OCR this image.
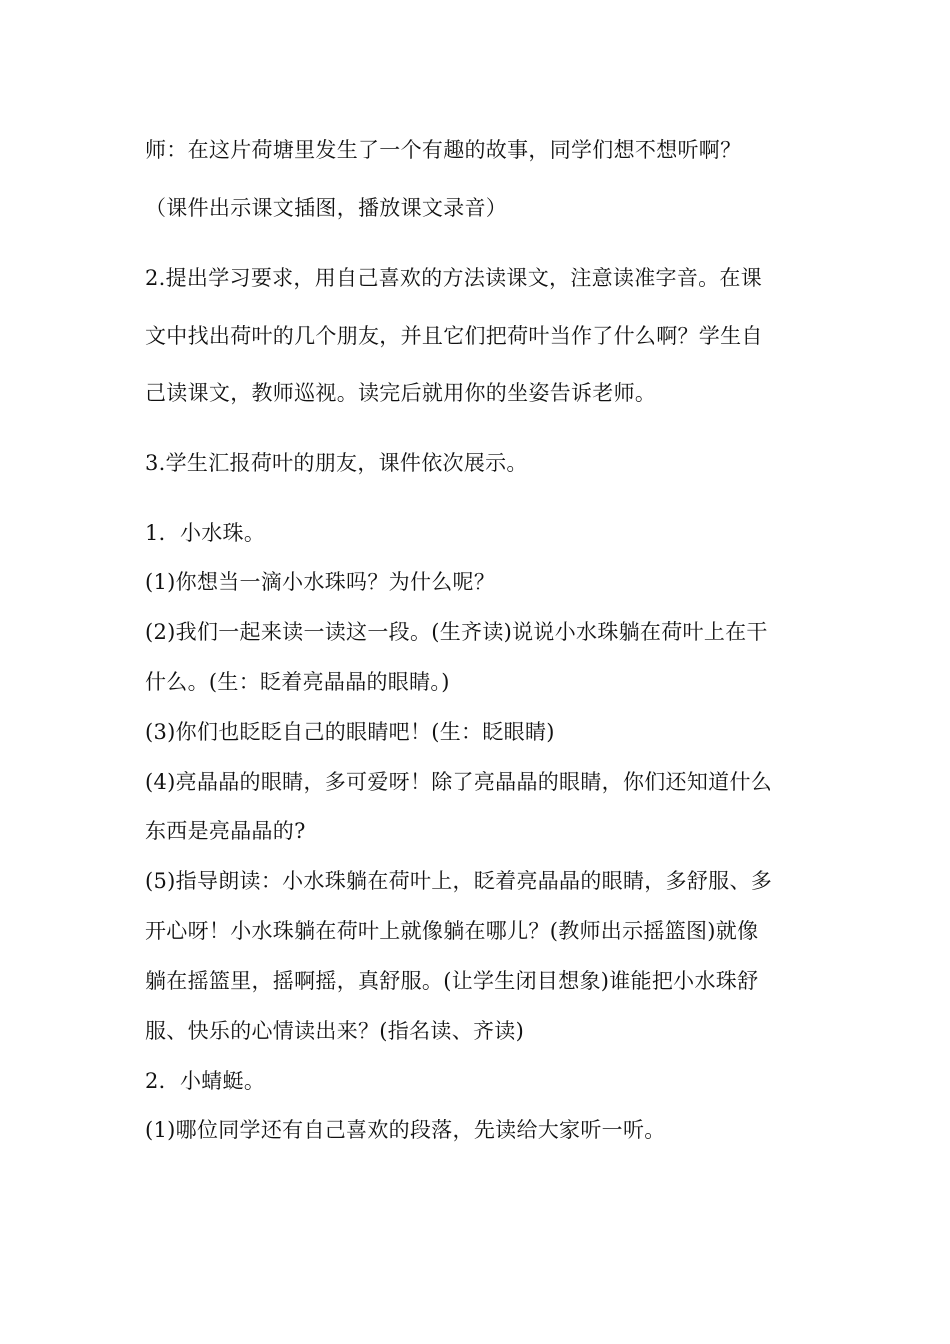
师：在这片荷塘里发生了一个有趣的故事，同学们想不想听啊？
（课件出示课文插图，播放课文录音）
2.提出学习要求，用自己喜欢的方法读课文，注意读准字音。在课
文中找出荷叶的几个朋友，并且它们把荷叶当作了什么啊？学生自
己读课文，教师巡视。读完后就用你的坐姿告诉老师。
3.学生汇报荷叶的朋友，课件依次展示。
1．小水珠。
(1)你想当一滴小水珠吗？为什么呢？
(2)我们一起来读一读这一段。(生齐读)说说小水珠躺在荷叶上在干
什么。(生：眨着亮晶晶的眼睛。)
(3)你们也眨眨自己的眼睛吧！(生：眨眼睛)
(4)亮晶晶的眼睛，多可爱呀！除了亮晶晶的眼睛，你们还知道什么
东西是亮晶晶的?
(5)指导朗读：小水珠躺在荷叶上，眨着亮晶晶的眼睛，多舒服、多
开心呀！小水珠躺在荷叶上就像躺在哪儿？(教师出示摇篮图)就像
躺在摇篮里，摇啊摇，真舒服。(让学生闭目想象)谁能把小水珠舒
服、快乐的心情读出来？(指名读、齐读)
2．小蜻蜓。
(1)哪位同学还有自己喜欢的段落，先读给大家听一听。
